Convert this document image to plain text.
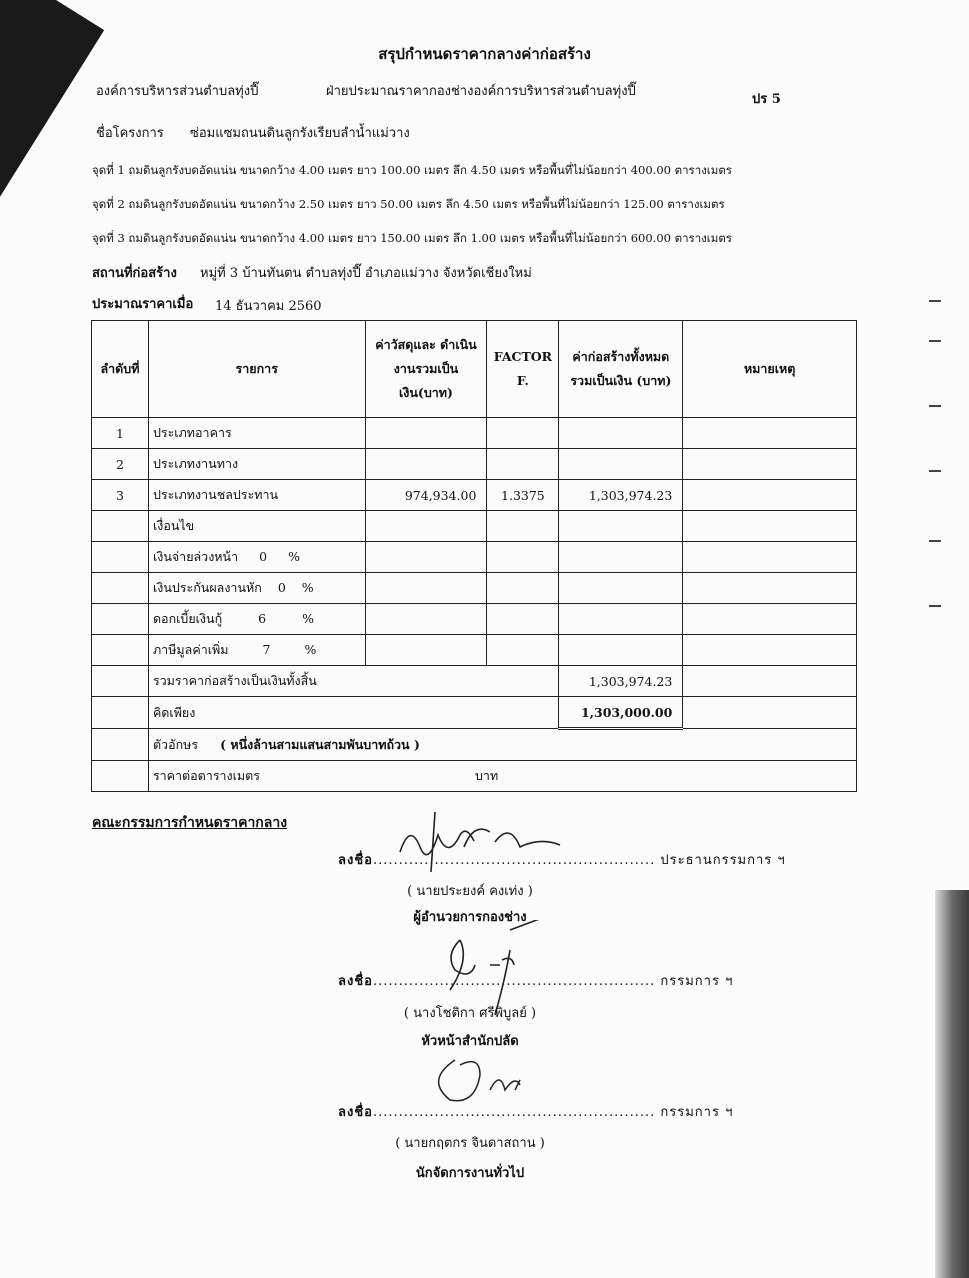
สรุปกำหนดราคากลางค่าก่อสร้าง
องค์การบริหารส่วนตำบลทุ่งปี๊	ฝ่ายประมาณราคากองช่างองค์การบริหารส่วนตำบลทุ่งปี๊
ปร 5
ชื่อโครงการ ซ่อมแซมถนนดินลูกรังเรียบลำน้ำแม่วาง
จุดที่ 1 ถมดินลูกรังบดอัดแน่น ขนาดกว้าง 4.00 เมตร ยาว 100.00 เมตร ลึก 4.50 เมตร หรือพื้นที่ไม่น้อยกว่า 400.00 ตารางเมตร
จุดที่ 2 ถมดินลูกรังบดอัดแน่น ขนาดกว้าง 2.50 เมตร ยาว 50.00 เมตร ลึก 4.50 เมตร หรือพื้นที่ไม่น้อยกว่า 125.00 ตารางเมตร
จุดที่ 3 ถมดินลูกรังบดอัดแน่น ขนาดกว้าง 4.00 เมตร ยาว 150.00 เมตร ลึก 1.00 เมตร หรือพื้นที่ไม่น้อยกว่า 600.00 ตารางเมตร
สถานที่ก่อสร้าง หมู่ที่ 3 บ้านทันตน ตำบลทุ่งปี๊ อำเภอแม่วาง จังหวัดเชียงใหม่
ประมาณราคาเมื่อ 14 ธันวาคม 2560
ลำดับที่	รายการ	ค่าวัสดุและ ดำเนินงานรวมเป็น เงิน(บาท)	FACTOR F.	ค่าก่อสร้างทั้งหมด รวมเป็นเงิน (บาท)	หมายเหตุ
1	ประเภทอาคาร				
2	ประเภทงานทาง				
3	ประเภทงานชลประทาน	974,934.00	1.3375	1,303,974.23	
	เงื่อนไข				
	เงินจ่ายล่วงหน้า 0 %				
	เงินประกันผลงานหัก 0 %				
	ดอกเบี้ยเงินกู้ 6 %				
	ภาษีมูลค่าเพิ่ม 7 %				
	รวมราคาก่อสร้างเป็นเงินทั้งสิ้น			1,303,974.23	
	คิดเพียง			1,303,000.00	
	ตัวอักษร ( หนึ่งล้านสามแสนสามพันบาทถ้วน )				
	ราคาต่อตารางเมตร บาท				
คณะกรรมการกำหนดราคากลาง
ลงชื่อ....................................................... ประธานกรรมการ ฯ
( นายประยงค์ คงเท่ง )
ผู้อำนวยการกองช่าง
ลงชื่อ....................................................... กรรมการ ฯ
( นางโชติกา ศรีพิบูลย์ )
หัวหน้าสำนักปลัด
ลงชื่อ....................................................... กรรมการ ฯ
( นายกฤตกร จินดาสถาน )
นักจัดการงานทั่วไป
